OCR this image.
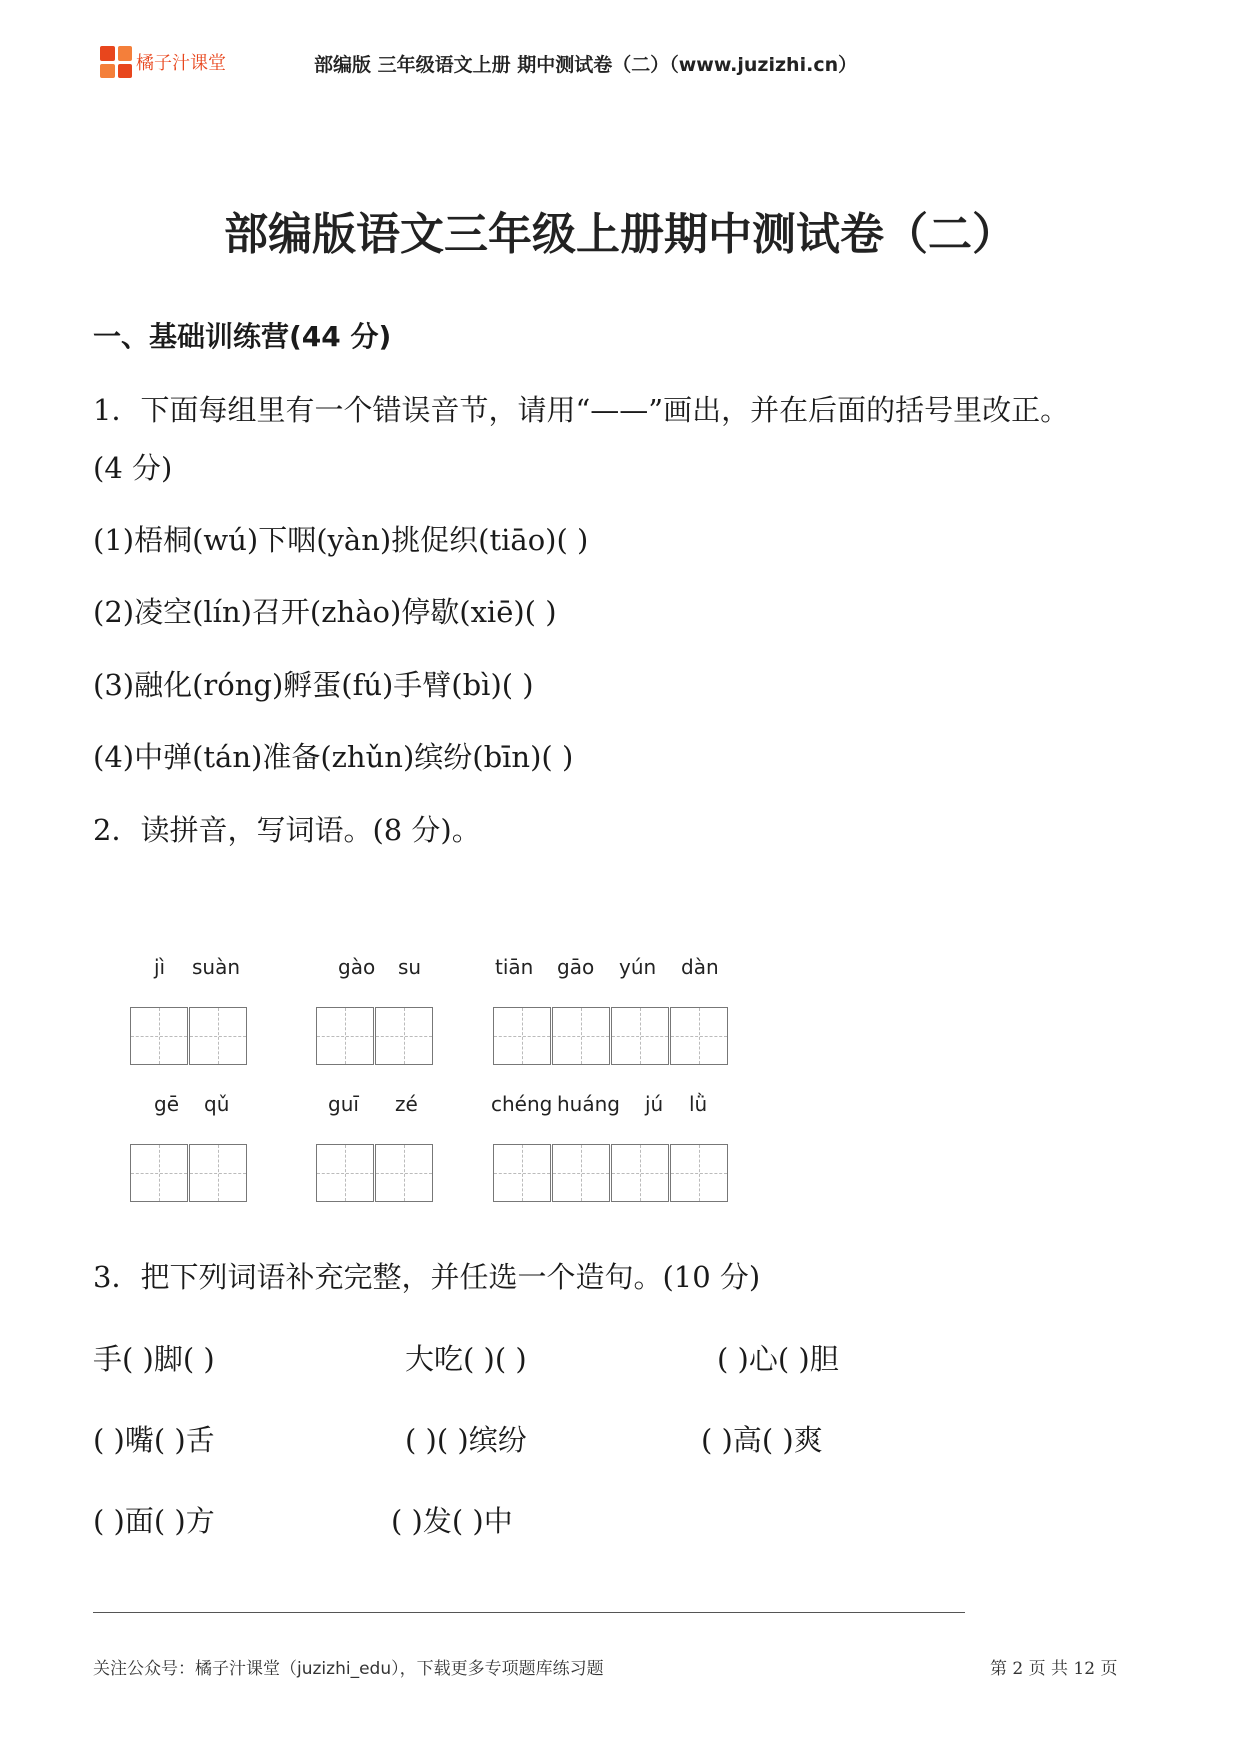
橘子汁课堂	部编版 三年级语文上册 期中测试卷（二）（www.juzizhi.cn）
部编版语文三年级上册期中测试卷（二）
一、基础训练营(44 分)
1．下面每组里有一个错误音节，请用“——”画出，并在后面的括号里改正。
(4 分)
(1)梧桐(wú)下咽(yàn)挑促织(tiāo)( )
(2)凌空(lín)召开(zhào)停歇(xiē)( )
(3)融化(róng)孵蛋(fú)手臂(bì)( )
(4)中弹(tán)准备(zhǔn)缤纷(bīn)( )
2．读拼音，写词语。(8 分)。
jì suàn	gào su	tiān gāo yún dàn
gē qǔ	guī zé	chéng huáng jú lǜ
3．把下列词语补充完整，并任选一个造句。(10 分)
手( )脚( )	大吃( )( )	( )心( )胆
( )嘴( )舌	( )( )缤纷	( )高( )爽
( )面( )方	( )发( )中
关注公众号：橘子汁课堂（juzizhi_edu），下载更多专项题库练习题	第 2 页 共 12 页
